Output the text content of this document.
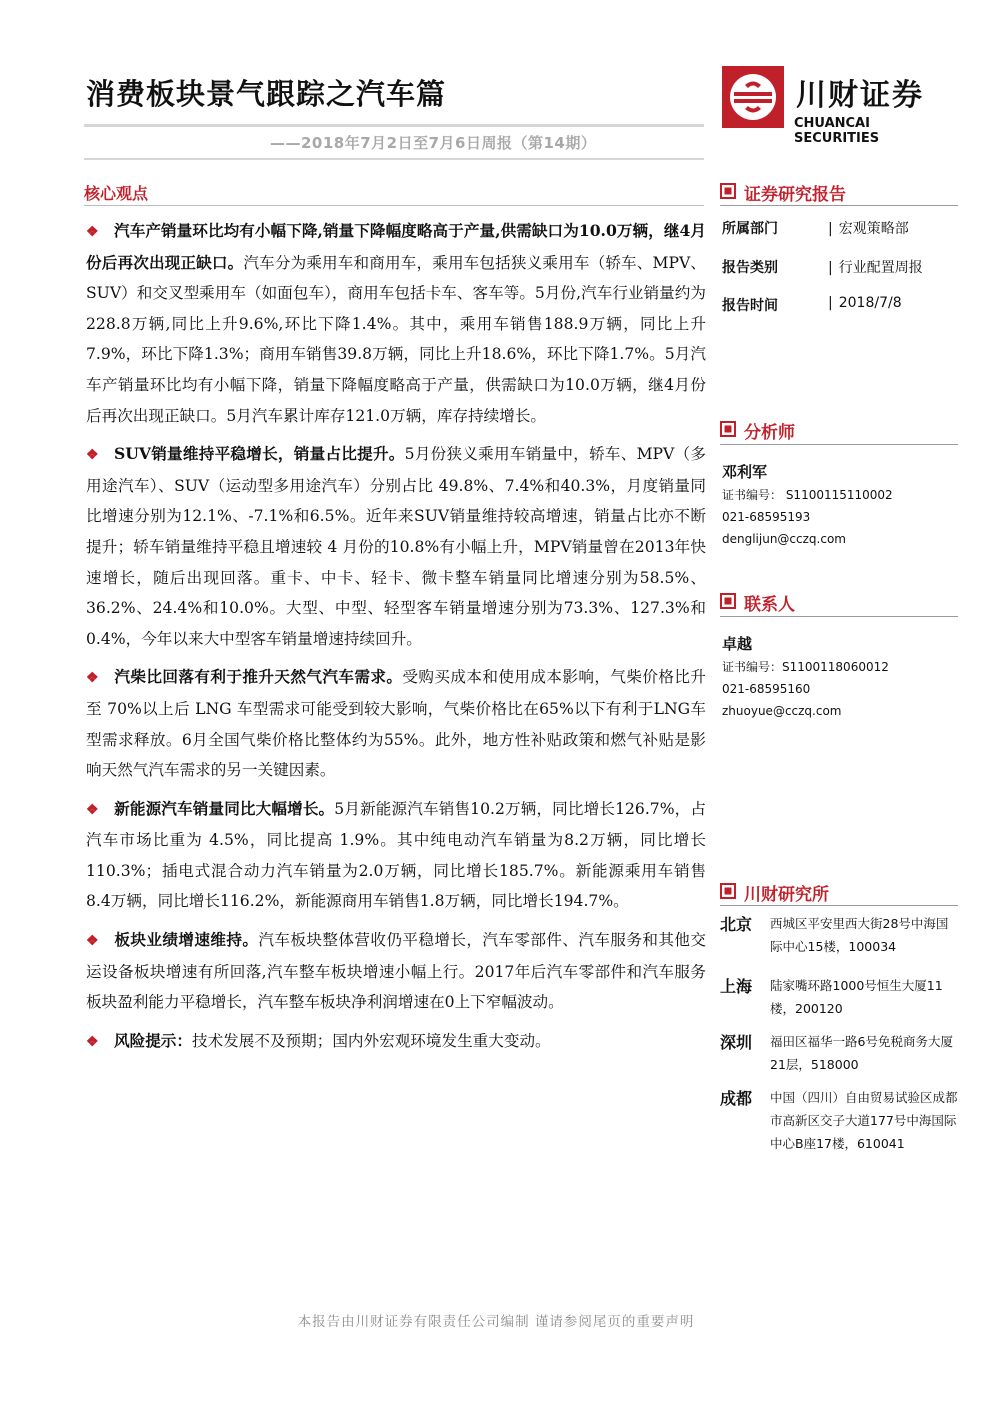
消费板块景气跟踪之汽车篇	川财证券
CHUANCAI SECURITIES
——2018年7月2日至7月6日周报（第14期）
核心观点

❖ 汽车产销量环比均有小幅下降,销量下降幅度略高于产量,供需缺口为10.0万辆，继4月份后再次出现正缺口。汽车分为乘用车和商用车，乘用车包括狭义乘用车（轿车、MPV、SUV）和交叉型乘用车（如面包车），商用车包括卡车、客车等。5月份,汽车行业销量约为228.8万辆,同比上升9.6%,环比下降1.4%。其中，乘用车销售188.9万辆，同比上升7.9%，环比下降1.3%；商用车销售39.8万辆，同比上升18.6%，环比下降1.7%。5月汽车产销量环比均有小幅下降，销量下降幅度略高于产量，供需缺口为10.0万辆，继4月份后再次出现正缺口。5月汽车累计库存121.0万辆，库存持续增长。

❖ SUV销量维持平稳增长，销量占比提升。5月份狭义乘用车销量中，轿车、MPV（多用途汽车）、SUV（运动型多用途汽车）分别占比 49.8%、7.4%和40.3%，月度销量同比增速分别为12.1%、-7.1%和6.5%。近年来SUV销量维持较高增速，销量占比亦不断提升；轿车销量维持平稳且增速较 4 月份的10.8%有小幅上升，MPV销量曾在2013年快速增长，随后出现回落。重卡、中卡、轻卡、微卡整车销量同比增速分别为58.5%、36.2%、24.4%和10.0%。大型、中型、轻型客车销量增速分别为73.3%、127.3%和0.4%，今年以来大中型客车销量增速持续回升。

❖ 汽柴比回落有利于推升天然气汽车需求。受购买成本和使用成本影响，气柴价格比升至 70%以上后 LNG 车型需求可能受到较大影响，气柴价格比在65%以下有利于LNG车型需求释放。6月全国气柴价格比整体约为55%。此外，地方性补贴政策和燃气补贴是影响天然气汽车需求的另一关键因素。

❖ 新能源汽车销量同比大幅增长。5月新能源汽车销售10.2万辆，同比增长126.7%，占汽车市场比重为 4.5%，同比提高 1.9%。其中纯电动汽车销量为8.2万辆，同比增长110.3%；插电式混合动力汽车销量为2.0万辆，同比增长185.7%。新能源乘用车销售8.4万辆，同比增长116.2%，新能源商用车销售1.8万辆，同比增长194.7%。

❖ 板块业绩增速维持。汽车板块整体营收仍平稳增长，汽车零部件、汽车服务和其他交运设备板块增速有所回落,汽车整车板块增速小幅上行。2017年后汽车零部件和汽车服务板块盈利能力平稳增长，汽车整车板块净利润增速在0上下窄幅波动。

❖ 风险提示：技术发展不及预期；国内外宏观环境发生重大变动。

证券研究报告
所属部门	| 宏观策略部
报告类别	| 行业配置周报
报告时间	| 2018/7/8
分析师
邓利军
证书编号： S1100115110002
021-68595193
denglijun@cczq.com
联系人
卓越
证书编号：S1100118060012
021-68595160
zhuoyue@cczq.com
川财研究所
北京 西城区平安里西大街28号中海国际中心15楼，100034
上海 陆家嘴环路1000号恒生大厦11楼，200120
深圳 福田区福华一路6号免税商务大厦21层，518000
成都 中国（四川）自由贸易试验区成都市高新区交子大道177号中海国际中心B座17楼，610041
本报告由川财证券有限责任公司编制 谨请参阅尾页的重要声明
